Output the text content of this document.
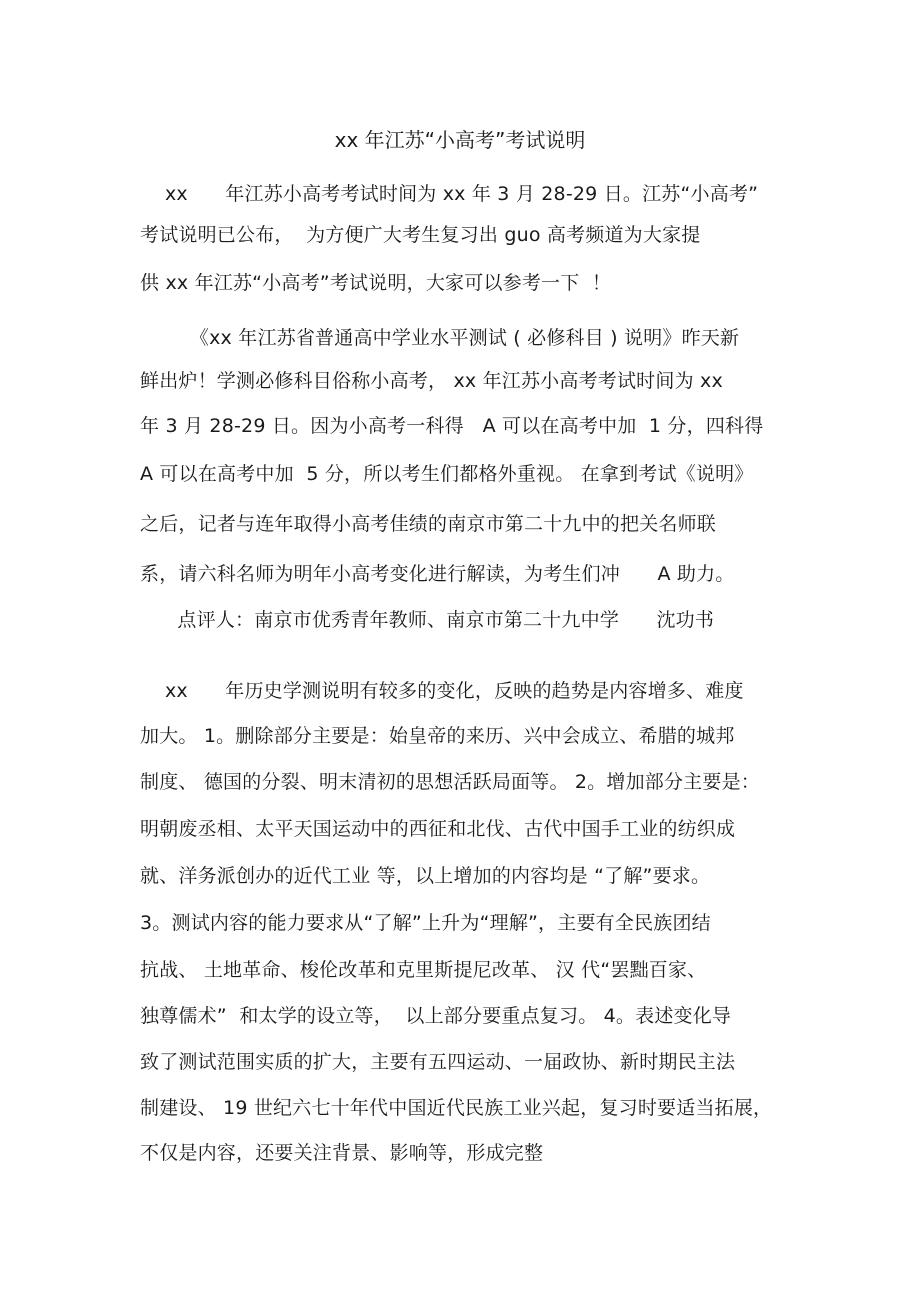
xx 年江苏“小高考”考试说明
xx      年江苏小高考考试时间为 xx 年 3 月 28-29 日。江苏“小高考”
考试说明已公布，  为方便广大考生复习出 guo 高考频道为大家提
供 xx 年江苏“小高考”考试说明，大家可以参考一下  ！
《xx 年江苏省普通高中学业水平测试 ( 必修科目 ) 说明》昨天新
鲜出炉！学测必修科目俗称小高考， xx 年江苏小高考考试时间为 xx
年 3 月 28-29 日。因为小高考一科得   A 可以在高考中加  1 分，四科得
A 可以在高考中加  5 分，所以考生们都格外重视。 在拿到考试《说明》
之后，记者与连年取得小高考佳绩的南京市第二十九中的把关名师联
系，请六科名师为明年小高考变化进行解读，为考生们冲      A 助力。
点评人：南京市优秀青年教师、南京市第二十九中学      沈功书
xx      年历史学测说明有较多的变化，反映的趋势是内容增多、难度
加大。 1。删除部分主要是：始皇帝的来历、兴中会成立、希腊的城邦
制度、 德国的分裂、明末清初的思想活跃局面等。 2。增加部分主要是：
明朝废丞相、太平天国运动中的西征和北伐、古代中国手工业的纺织成
就、洋务派创办的近代工业 等，以上增加的内容均是 “了解”要求。
3。测试内容的能力要求从“了解”上升为“理解”，主要有全民族团结
抗战、 土地革命、梭伦改革和克里斯提尼改革、 汉 代“罢黜百家、
独尊儒术”  和太学的设立等，  以上部分要重点复习。 4。表述变化导
致了测试范围实质的扩大，主要有五四运动、一届政协、新时期民主法
制建设、 19 世纪六七十年代中国近代民族工业兴起，复习时要适当拓展，
不仅是内容，还要关注背景、影响等，形成完整
